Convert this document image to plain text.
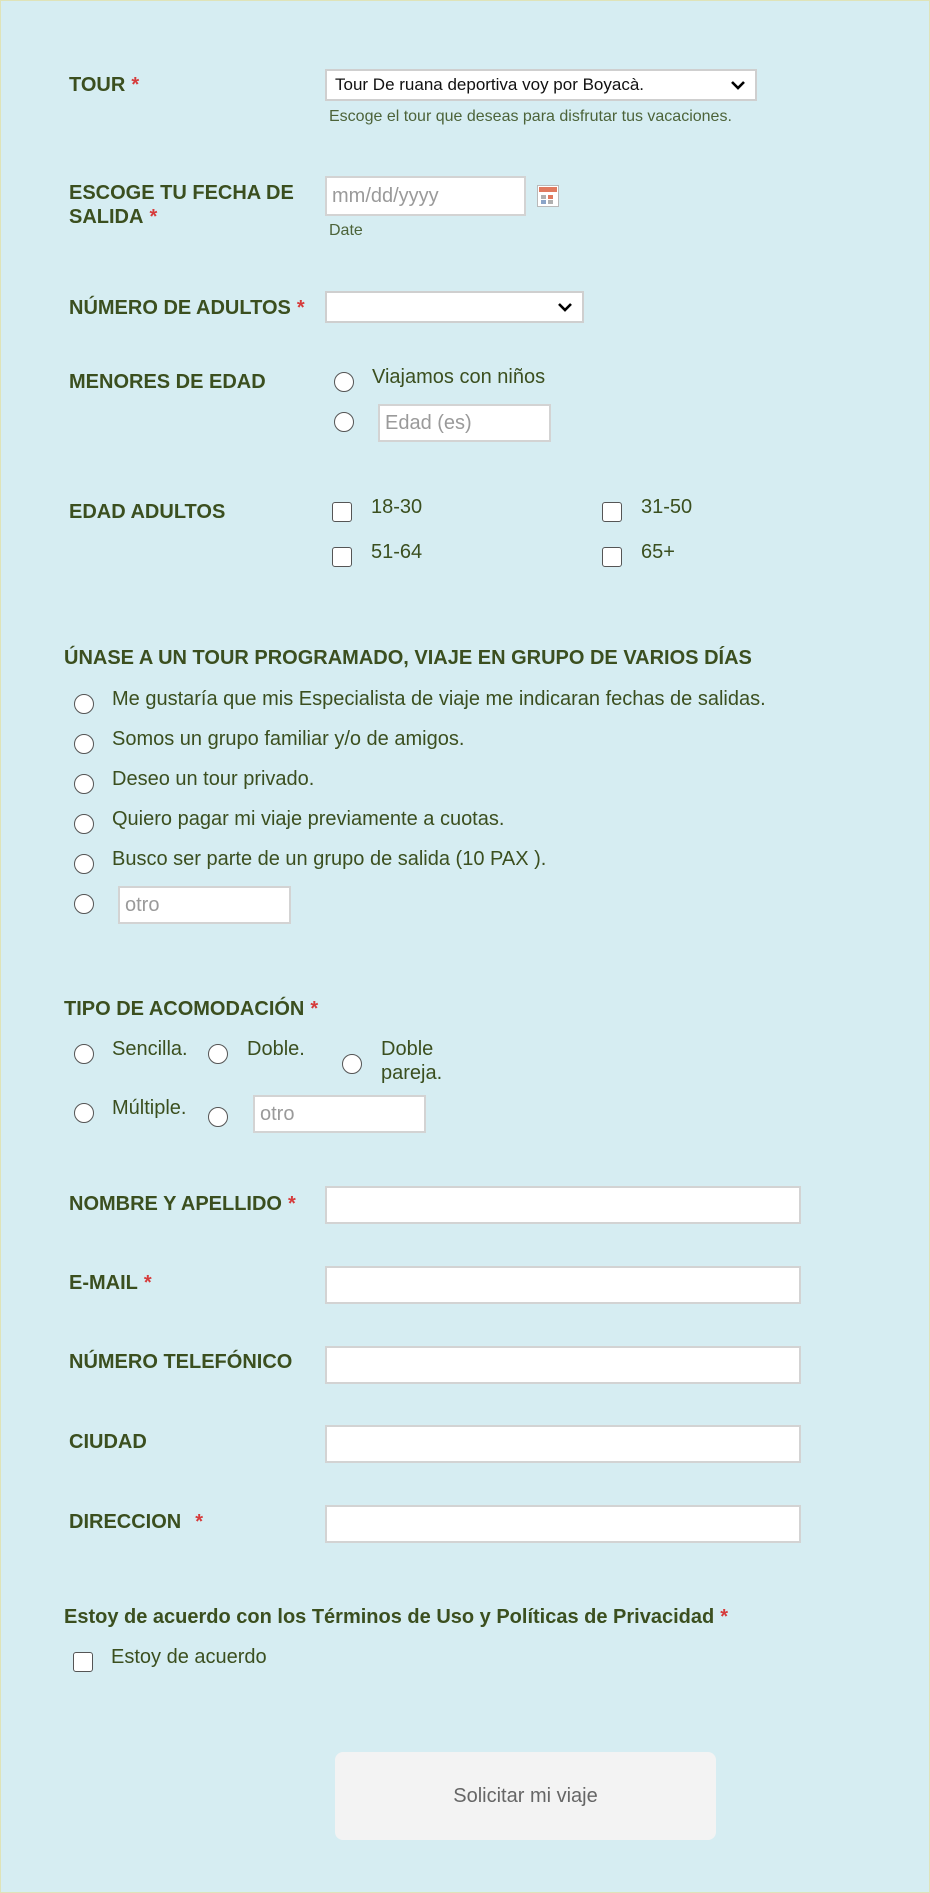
TOUR *	Tour De ruana deportiva voy por Boyacà.
Escoge el tour que deseas para disfrutar tus vacaciones.
ESCOGE TU FECHA DE
SALIDA *
mm/dd/yyyy
Date
NÚMERO DE ADULTOS *
MENORES DE EDAD	Viajamos con niños
Edad (es)
EDAD ADULTOS	18-30	31-50
51-64	65+
ÚNASE A UN TOUR PROGRAMADO, VIAJE EN GRUPO DE VARIOS DÍAS
Me gustaría que mis Especialista de viaje me indicaran fechas de salidas.
Somos un grupo familiar y/o de amigos.
Deseo un tour privado.
Quiero pagar mi viaje previamente a cuotas.
Busco ser parte de un grupo de salida (10 PAX ).
otro
TIPO DE ACOMODACIÓN *
Sencilla.	Doble.	Doble
pareja.
Múltiple.
otro
NOMBRE Y APELLIDO *
E-MAIL *
NÚMERO TELEFÓNICO
CIUDAD
DIRECCION *
Estoy de acuerdo con los Términos de Uso y Políticas de Privacidad *
Estoy de acuerdo
Solicitar mi viaje
